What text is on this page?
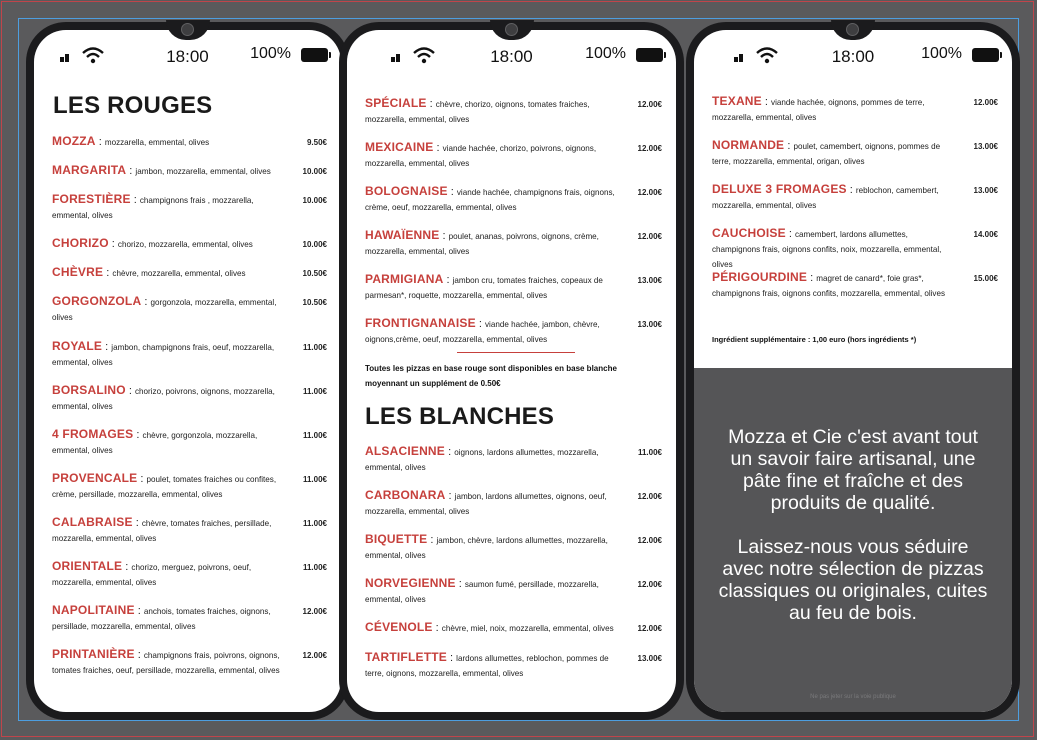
18:00	100%
LES ROUGES
MOZZA : mozzarella, emmental, olives	9.50€
MARGARITA : jambon, mozzarella, emmental, olives	10.00€
FORESTIÈRE : champignons frais , mozzarella, emmental, olives
10.00€
CHORIZO : chorizo, mozzarella, emmental, olives	10.00€
CHÈVRE : chèvre, mozzarella, emmental, olives	10.50€
GORGONZOLA : gorgonzola, mozzarella, emmental, olives
10.50€
ROYALE : jambon, champignons frais, oeuf, mozzarella, emmental, olives
11.00€
BORSALINO : chorizo, poivrons, oignons, mozzarella, emmental, olives
11.00€
4 FROMAGES : chèvre, gorgonzola, mozzarella, emmental, olives
11.00€
PROVENCALE : poulet, tomates fraiches ou confites, crème, persillade, mozzarella, emmental, olives
11.00€
CALABRAISE : chèvre, tomates fraiches, persillade, mozzarella, emmental, olives
11.00€
ORIENTALE : chorizo, merguez, poivrons, oeuf, mozzarella, emmental, olives
11.00€
NAPOLITAINE : anchois, tomates fraiches, oignons, persillade, mozzarella, emmental, olives
12.00€
PRINTANIÈRE : champignons frais, poivrons, oignons, tomates fraiches, oeuf, persillade, mozzarella, emmental, olives
12.00€
18:00	100%
SPÉCIALE : chèvre, chorizo, oignons, tomates fraiches, mozzarella, emmental, olives
12.00€
MEXICAINE : viande hachée, chorizo, poivrons, oignons, mozzarella, emmental, olives
12.00€
BOLOGNAISE : viande hachée, champignons frais, oignons, crème, oeuf, mozzarella, emmental, olives
12.00€
HAWAÏENNE : poulet, ananas, poivrons, oignons, crème, mozzarella, emmental, olives
12.00€
PARMIGIANA : jambon cru, tomates fraiches, copeaux de parmesan*, roquette, mozzarella, emmental, olives
13.00€
FRONTIGNANAISE : viande hachée, jambon, chèvre, oignons,crème, oeuf, mozzarella, emmental, olives
13.00€
Toutes les pizzas en base rouge sont disponibles en base blanche moyennant un supplément de 0.50€
LES BLANCHES
ALSACIENNE : oignons, lardons allumettes, mozzarella, emmental, olives
11.00€
CARBONARA : jambon, lardons allumettes, oignons, oeuf, mozzarella, emmental, olives
12.00€
BIQUETTE : jambon, chèvre, lardons allumettes, mozzarella, emmental, olives
12.00€
NORVEGIENNE : saumon fumé, persillade, mozzarella, emmental, olives
12.00€
CÉVENOLE : chèvre, miel, noix, mozzarella, emmental, olives	12.00€
TARTIFLETTE : lardons allumettes, reblochon, pommes de terre, oignons, mozzarella, emmental, olives
13.00€
18:00	100%
TEXANE : viande hachée, oignons, pommes de terre, mozzarella, emmental, olives
12.00€
NORMANDE : poulet, camembert, oignons, pommes de terre, mozzarella, emmental, origan, olives
13.00€
DELUXE 3 FROMAGES : reblochon, camembert, mozzarella, emmental, olives
13.00€
CAUCHOISE : camembert, lardons allumettes, champignons frais, oignons confits, noix, mozzarella, emmental, olives
14.00€
PÉRIGOURDINE : magret de canard*, foie gras*, champignons frais, oignons confits, mozzarella, emmental, olives
15.00€
Ingrédient supplémentaire : 1,00 euro (hors ingrédients *)

Mozza et Cie c'est avant tout un savoir faire artisanal, une pâte fine et fraîche et des produits de qualité.

Laissez-nous vous séduire avec notre sélection de pizzas classiques ou originales, cuites au feu de bois.

Ne pas jeter sur la voie publique
